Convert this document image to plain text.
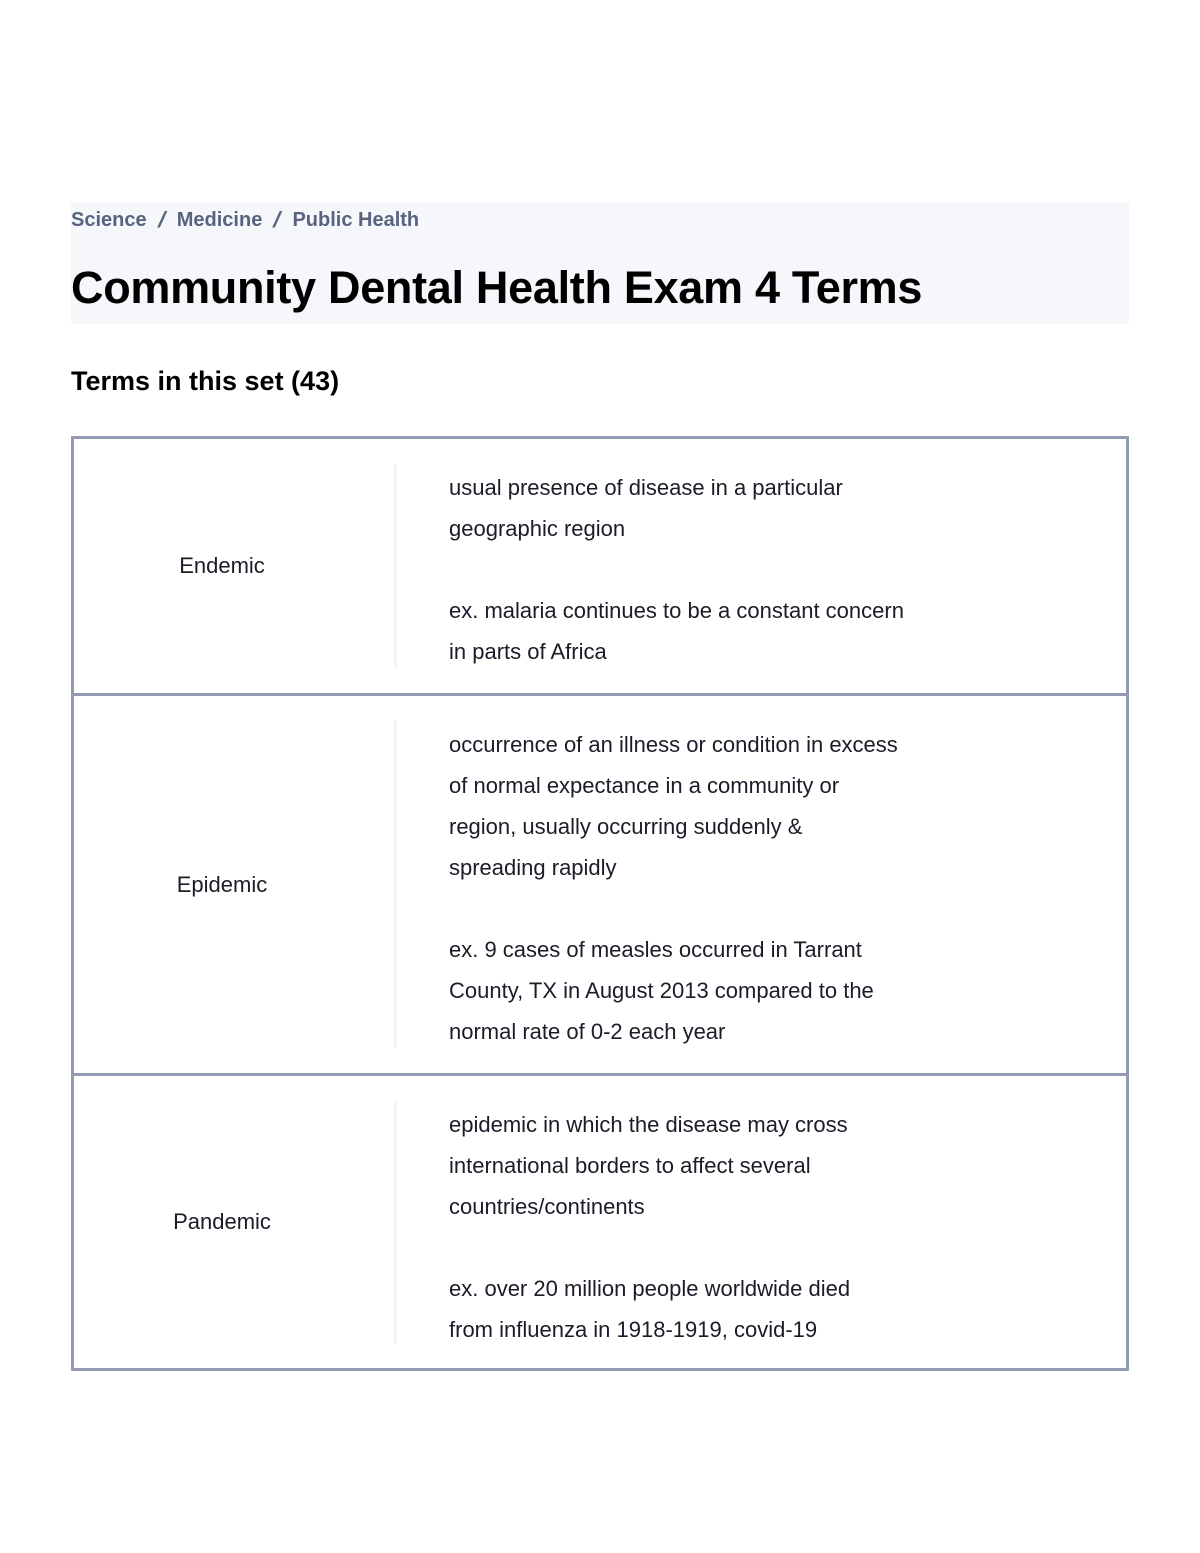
Science / Medicine / Public Health
Community Dental Health Exam 4 Terms
Terms in this set (43)
Endemic

usual presence of disease in a particular

geographic region

ex. malaria continues to be a constant concern

in parts of Africa

Epidemic

occurrence of an illness or condition in excess

of normal expectance in a community or

region, usually occurring suddenly &

spreading rapidly

ex. 9 cases of measles occurred in Tarrant

County, TX in August 2013 compared to the

normal rate of 0-2 each year

Pandemic

epidemic in which the disease may cross

international borders to affect several

countries/continents

ex. over 20 million people worldwide died

from influenza in 1918-1919, covid-19
